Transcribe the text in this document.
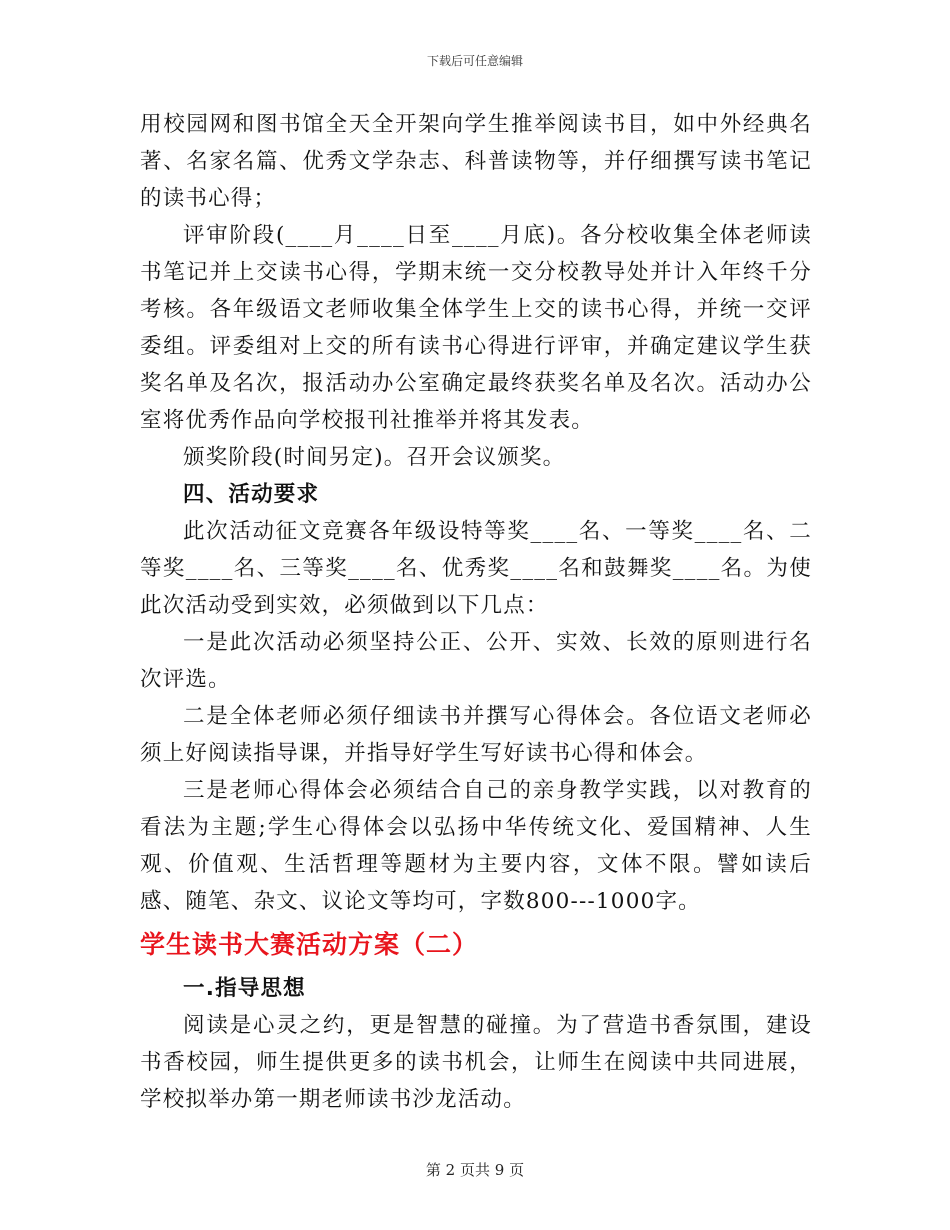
下载后可任意编辑

用校园网和图书馆全天全开架向学生推举阅读书目，如中外经典名著、名家名篇、优秀文学杂志、科普读物等，并仔细撰写读书笔记的读书心得；

评审阶段(____月____日至____月底)。各分校收集全体老师读书笔记并上交读书心得，学期末统一交分校教导处并计入年终千分考核。各年级语文老师收集全体学生上交的读书心得，并统一交评委组。评委组对上交的所有读书心得进行评审，并确定建议学生获奖名单及名次，报活动办公室确定最终获奖名单及名次。活动办公室将优秀作品向学校报刊社推举并将其发表。

颁奖阶段(时间另定)。召开会议颁奖。

四、活动要求

此次活动征文竞赛各年级设特等奖____名、一等奖____名、二等奖____名、三等奖____名、优秀奖____名和鼓舞奖____名。为使此次活动受到实效，必须做到以下几点：

一是此次活动必须坚持公正、公开、实效、长效的原则进行名次评选。

二是全体老师必须仔细读书并撰写心得体会。各位语文老师必须上好阅读指导课，并指导好学生写好读书心得和体会。

三是老师心得体会必须结合自己的亲身教学实践，以对教育的看法为主题;学生心得体会以弘扬中华传统文化、爱国精神、人生观、价值观、生活哲理等题材为主要内容，文体不限。譬如读后感、随笔、杂文、议论文等均可，字数800---1000字。

学生读书大赛活动方案（二）

一.指导思想

阅读是心灵之约，更是智慧的碰撞。为了营造书香氛围，建设书香校园，师生提供更多的读书机会，让师生在阅读中共同进展，学校拟举办第一期老师读书沙龙活动。

第 2 页共 9 页
